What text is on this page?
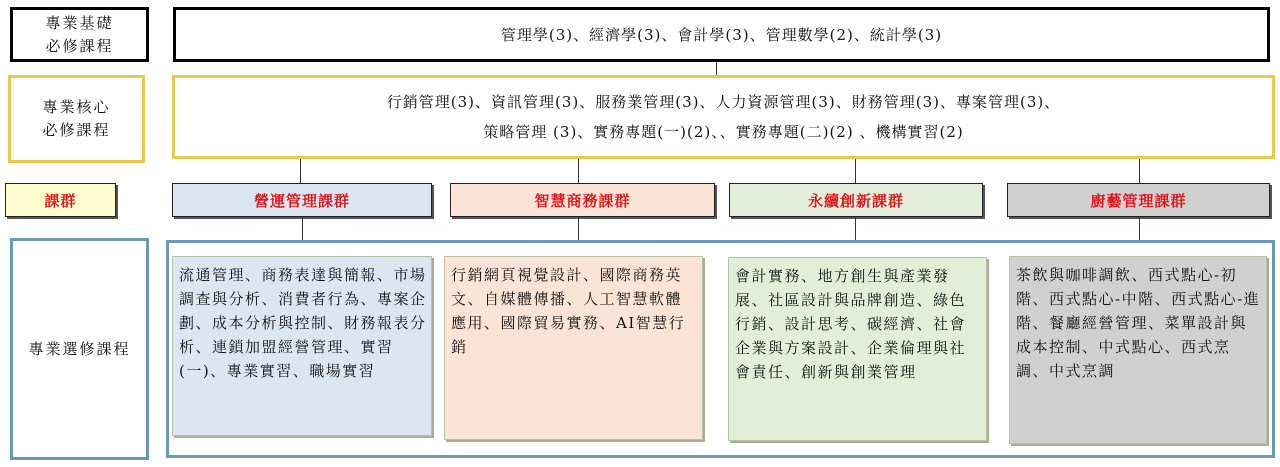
專業基礎
必修課程
管理學(3)、經濟學(3)、會計學(3)、管理數學(2)、統計學(3)
專業核心
必修課程
行銷管理(3)、資訊管理(3)、服務業管理(3)、人力資源管理(3)、財務管理(3)、專案管理(3)、
策略管理 (3)、實務專題(一)(2)、、實務專題(二)(2) 、機構實習(2)
課群	營運管理課群	智慧商務課群	永續創新課群	廚藝管理課群
專業選修課程
流通管理、商務表達與簡報、市場調查與分析、消費者行為、專案企劃、成本分析與控制、財務報表分析、連鎖加盟經營管理、實習(一)、專業實習、職場實習
行銷網頁視覺設計、國際商務英文、自媒體傳播、人工智慧軟體應用、國際貿易實務、AI智慧行銷
會計實務、地方創生與產業發展、社區設計與品牌創造、綠色行銷、設計思考、碳經濟、社會企業與方案設計、企業倫理與社會責任、創新與創業管理
茶飲與咖啡調飲、西式點心-初階、西式點心-中階、西式點心-進階、餐廳經營管理、菜單設計與成本控制、中式點心、西式烹調、中式烹調
